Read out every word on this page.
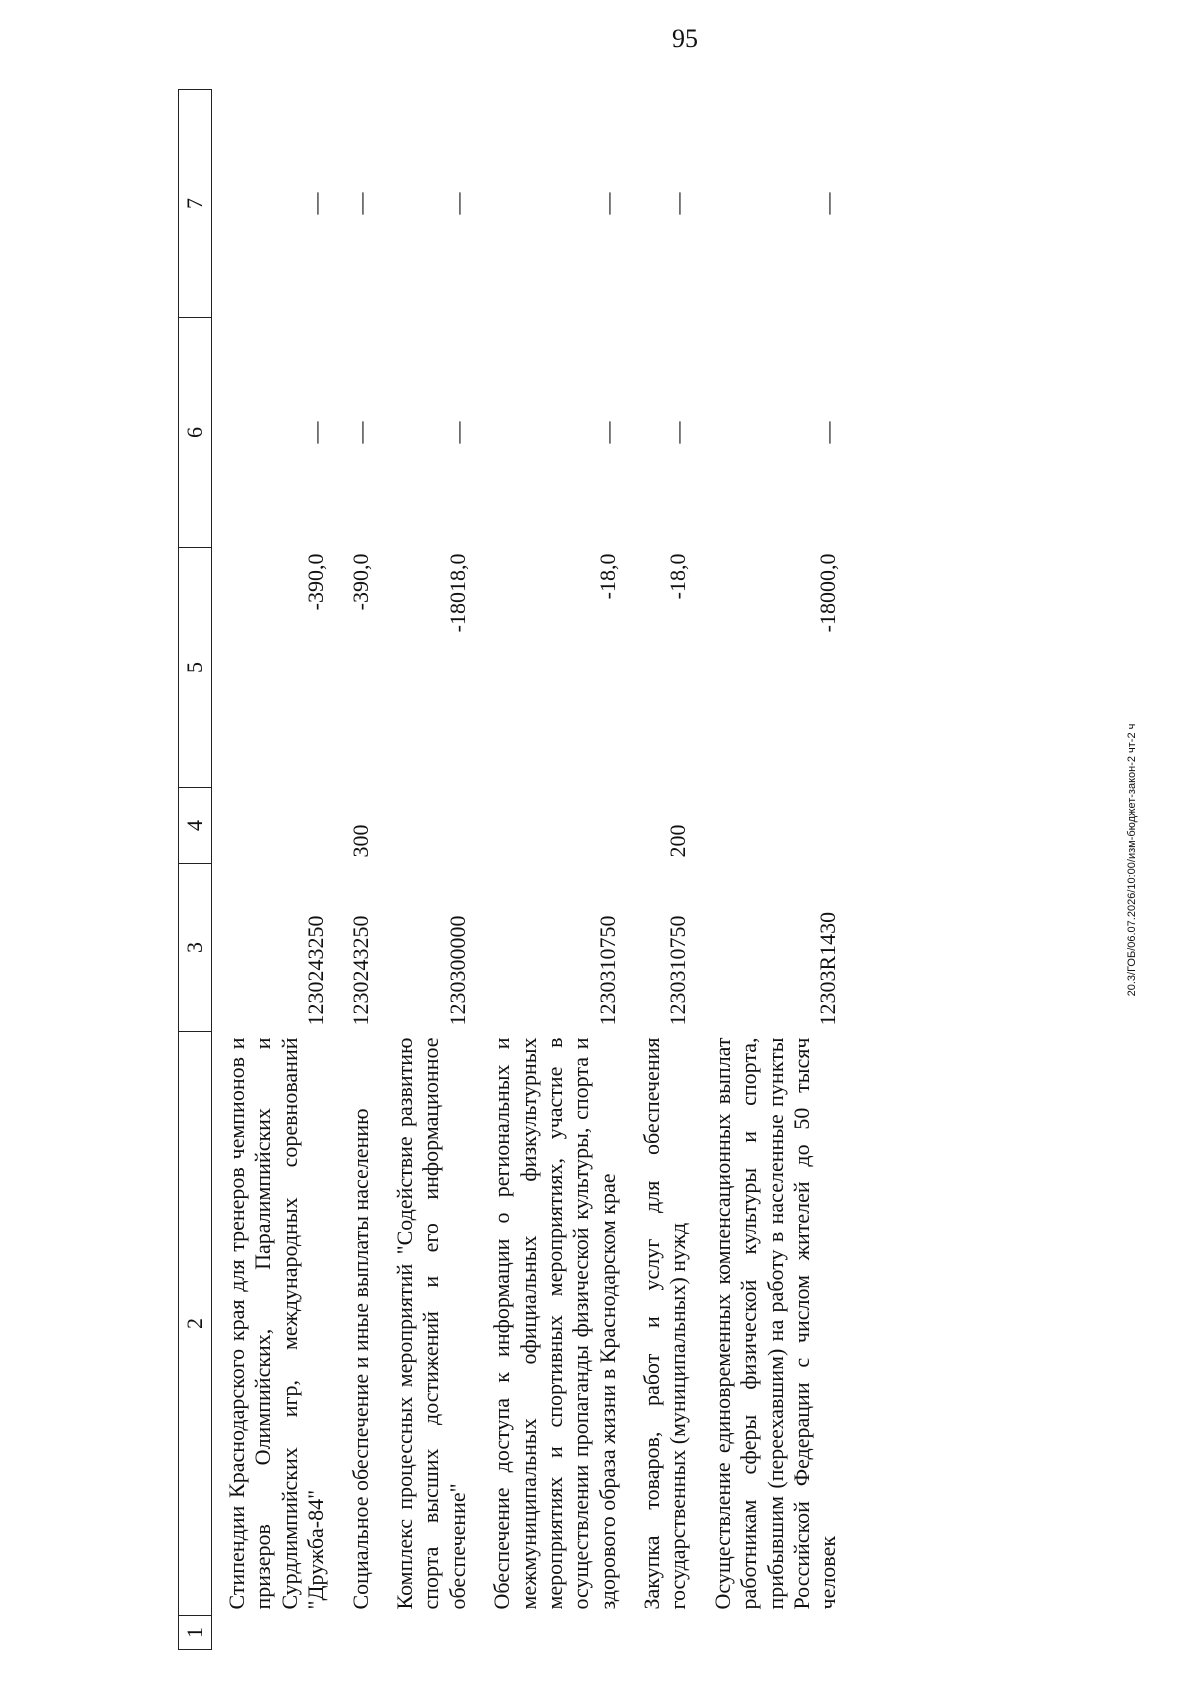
95
20.3/ГОБ/06.07.2026/10:00/изм-бюджет-закон-2 чт-2 ч
1	2	3	4	5	6	7
	Стипендии Краснодарского края для тренеров чемпионов и призеров Олимпийских, Паралимпийских и Сурдлимпийских игр, международных соревнований "Дружба-84"	1230243250		-390,0	—	—
	Социальное обеспечение и иные выплаты населению	1230243250	300	-390,0	—	—
	Комплекс процессных мероприятий "Содействие развитию спорта высших достижений и его информационное обеспечение"	1230300000		-18018,0	—	—
	Обеспечение доступа к информации о региональных и межмуниципальных официальных физкультурных мероприятиях и спортивных мероприятиях, участие в осуществлении пропаганды физической культуры, спорта и здорового образа жизни в Краснодарском крае	1230310750		-18,0	—	—
	Закупка товаров, работ и услуг для обеспечения государственных (муниципальных) нужд	1230310750	200	-18,0	—	—
	Осуществление единовременных компенсационных выплат работникам сферы физической культуры и спорта, прибывшим (переехавшим) на работу в населенные пункты Российской Федерации с числом жителей до 50 тысяч человек	12303R1430		-18000,0	—	—
